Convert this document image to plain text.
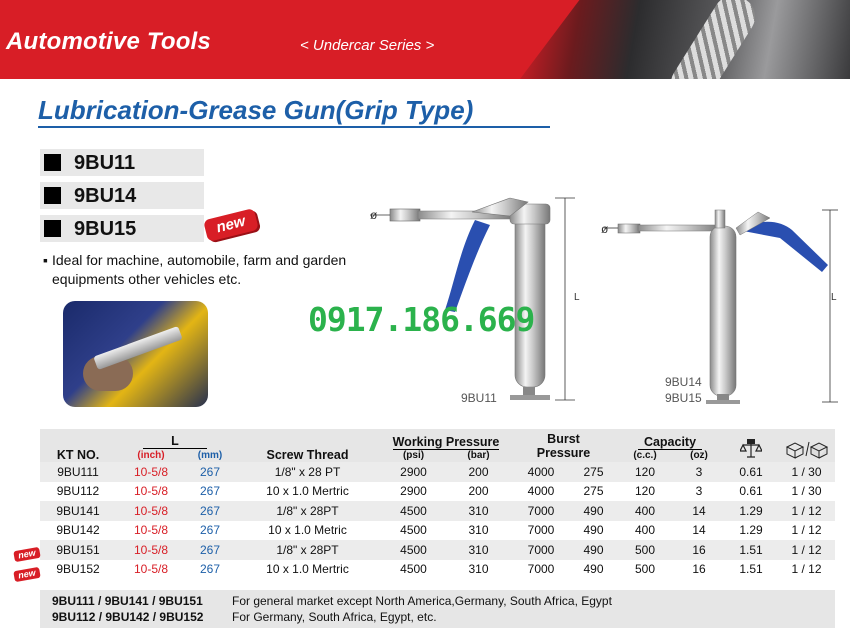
Automotive Tools	< Undercar Series >
Lubrication-Grease Gun(Grip Type)
9BU11
9BU14
9BU15	new
▪ Ideal for machine, automobile, farm and garden
equipments other vehicles etc.
ø
ø
L	L
9BU11
9BU14
9BU15
0917.186.669
KT NO.	L		Screw Thread	Working Pressure		Burst Pressure		Capacity		
	(inch)	(mm)		(psi)	(bar)			(c.c.)	(oz)		
9BU111	10-5/8	267	1/8" x 28 PT	2900	200	4000	275	120	3	0.61	1 / 30
9BU112	10-5/8	267	10 x 1.0 Mertric	2900	200	4000	275	120	3	0.61	1 / 30
9BU141	10-5/8	267	1/8" x 28PT	4500	310	7000	490	400	14	1.29	1 / 12
9BU142	10-5/8	267	10 x 1.0 Metric	4500	310	7000	490	400	14	1.29	1 / 12
9BU151	10-5/8	267	1/8" x 28PT	4500	310	7000	490	500	16	1.51	1 / 12
9BU152	10-5/8	267	10 x 1.0 Mertric	4500	310	7000	490	500	16	1.51	1 / 12
new
new
9BU111 / 9BU141 / 9BU151 For general market except North America,Germany, South Africa, Egypt
9BU112 / 9BU142 / 9BU152 For Germany, South Africa, Egypt, etc.
